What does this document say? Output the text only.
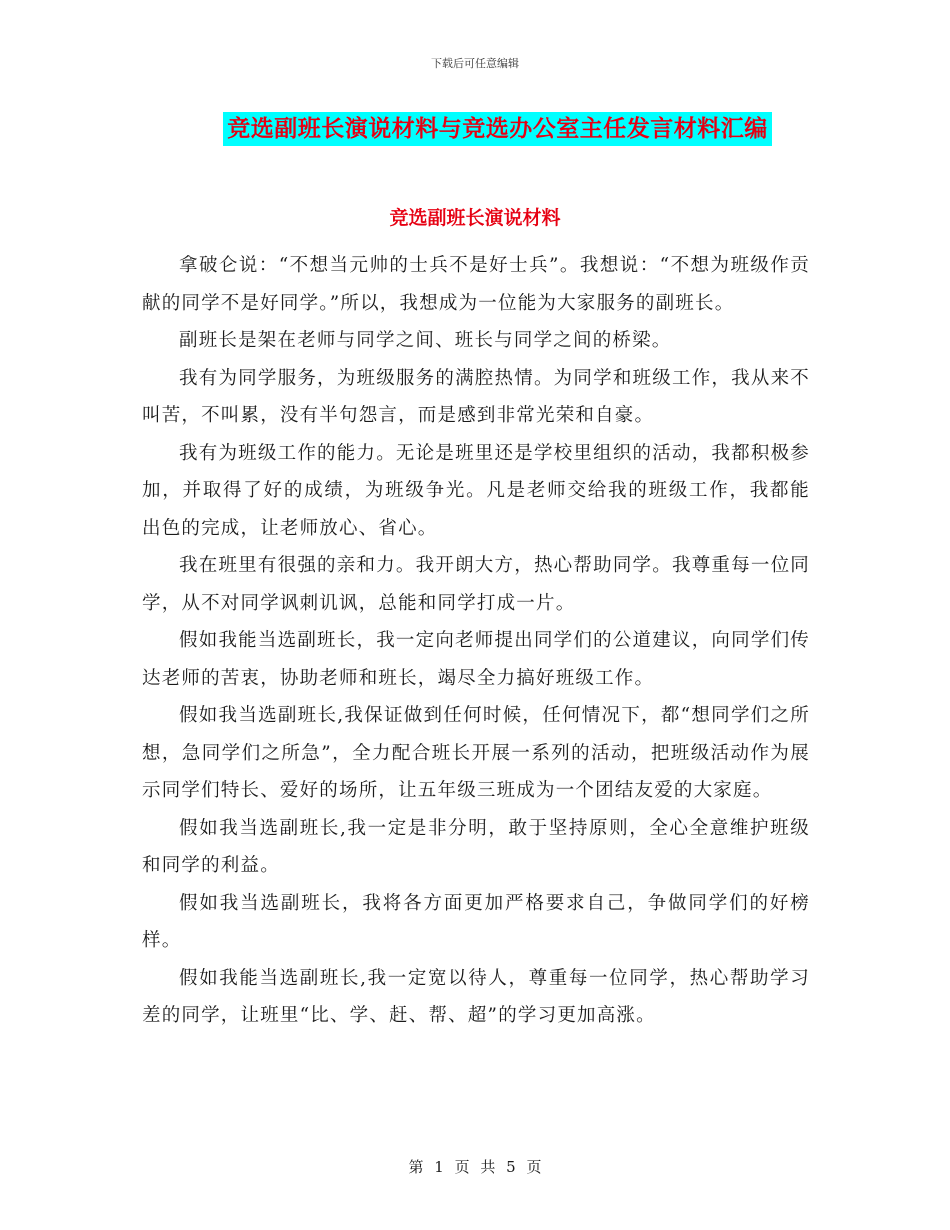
下载后可任意编辑
竞选副班长演说材料与竞选办公室主任发言材料汇编
竞选副班长演说材料

拿破仑说：“不想当元帅的士兵不是好士兵”。我想说：“不想为班级作贡献的同学不是好同学。”所以，我想成为一位能为大家服务的副班长。

副班长是架在老师与同学之间、班长与同学之间的桥梁。

我有为同学服务，为班级服务的满腔热情。为同学和班级工作，我从来不叫苦，不叫累，没有半句怨言，而是感到非常光荣和自豪。

我有为班级工作的能力。无论是班里还是学校里组织的活动，我都积极参加，并取得了好的成绩，为班级争光。凡是老师交给我的班级工作，我都能出色的完成，让老师放心、省心。

我在班里有很强的亲和力。我开朗大方，热心帮助同学。我尊重每一位同学，从不对同学讽刺讥讽，总能和同学打成一片。

假如我能当选副班长，我一定向老师提出同学们的公道建议，向同学们传达老师的苦衷，协助老师和班长，竭尽全力搞好班级工作。

假如我当选副班长,我保证做到任何时候，任何情况下，都“想同学们之所想，急同学们之所急”，全力配合班长开展一系列的活动，把班级活动作为展示同学们特长、爱好的场所，让五年级三班成为一个团结友爱的大家庭。

假如我当选副班长,我一定是非分明，敢于坚持原则，全心全意维护班级和同学的利益。

假如我当选副班长，我将各方面更加严格要求自己，争做同学们的好榜样。

假如我能当选副班长,我一定宽以待人，尊重每一位同学，热心帮助学习差的同学，让班里“比、学、赶、帮、超”的学习更加高涨。

第 1 页 共 5 页
